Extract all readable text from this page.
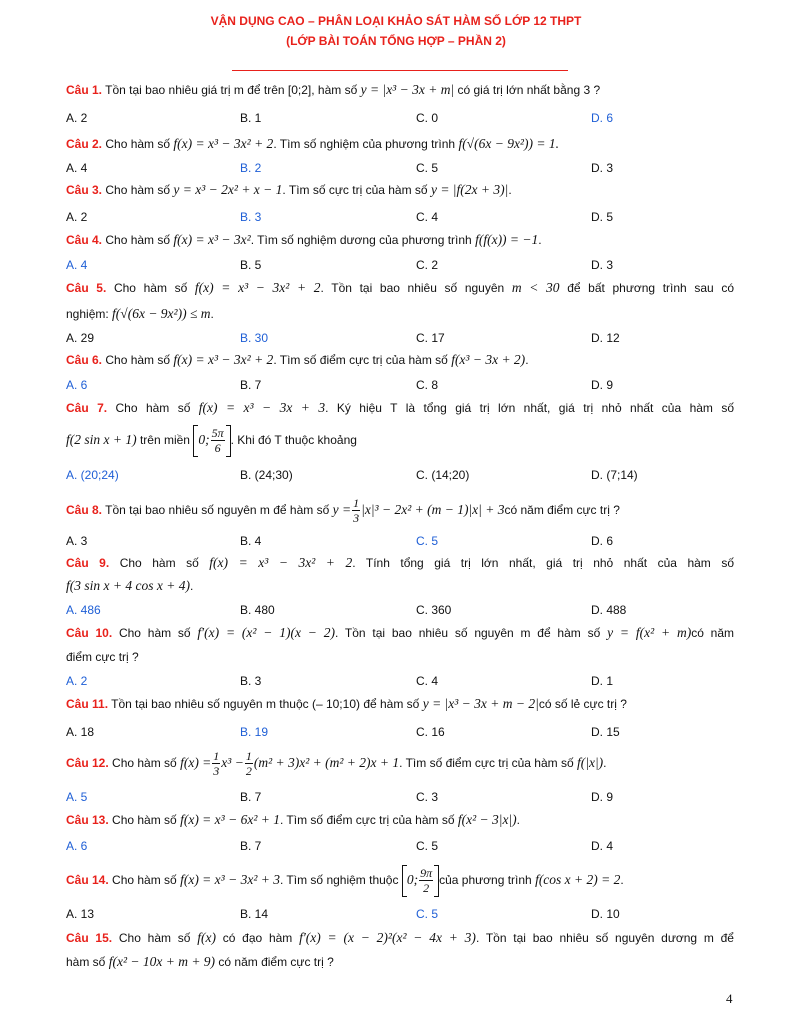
VẬN DỤNG CAO – PHÂN LOẠI KHẢO SÁT HÀM SỐ LỚP 12 THPT
(LỚP BÀI TOÁN TỔNG HỢP – PHẦN 2)
Câu 1. Tồn tại bao nhiêu giá trị m để trên [0;2], hàm số y = |x³ − 3x + m| có giá trị lớn nhất bằng 3 ?
A. 2	B. 1	C. 0	D. 6
Câu 2. Cho hàm số f(x) = x³ − 3x² + 2. Tìm số nghiệm của phương trình f(√(6x − 9x²)) = 1.
A. 4	B. 2	C. 5	D. 3
Câu 3. Cho hàm số y = x³ − 2x² + x − 1. Tìm số cực trị của hàm số y = |f(2x + 3)|.
A. 2	B. 3	C. 4	D. 5
Câu 4. Cho hàm số f(x) = x³ − 3x². Tìm số nghiệm dương của phương trình f(f(x)) = −1.
A. 4	B. 5	C. 2	D. 3
Câu 5. Cho hàm số f(x) = x³ − 3x² + 2. Tồn tại bao nhiêu số nguyên m < 30 để bất phương trình sau có
nghiệm: f(√(6x − 9x²)) ≤ m.
A. 29	B. 30	C. 17	D. 12
Câu 6. Cho hàm số f(x) = x³ − 3x² + 2. Tìm số điểm cực trị của hàm số f(x³ − 3x + 2).
A. 6	B. 7	C. 8	D. 9
Câu 7. Cho hàm số f(x) = x³ − 3x + 3. Ký hiệu T là tổng giá trị lớn nhất, giá trị nhỏ nhất của hàm số
f(2 sin x + 1) trên miền 0; $\frac{5\pi}{6}$ . Khi đó T thuộc khoảng
A. (20;24)	B. (24;30)	C. (14;20)	D. (7;14)
Câu 8. Tồn tại bao nhiêu số nguyên m để hàm số $y = \frac{1}{3} |x|^3 - 2x^2 + (m - 1)|x|$ + 3có năm điểm cực trị ?
A. 3	B. 4	C. 5	D. 6
Câu 9. Cho hàm số f(x) = x³ − 3x² + 2. Tính tổng giá trị lớn nhất, giá trị nhỏ nhất của hàm số
f(3 sin x + 4 cos x + 4).
A. 486	B. 480	C. 360	D. 488
Câu 10. Cho hàm số f′(x) = (x² − 1)(x − 2). Tồn tại bao nhiêu số nguyên m để hàm số y = f(x² + m)có năm
điểm cực trị ?
A. 2	B. 3	C. 4	D. 1
Câu 11. Tồn tại bao nhiêu số nguyên m thuộc (– 10;10) để hàm số y = |x³ − 3x + m − 2|có số lẻ cực trị ?
A. 18	B. 19	C. 16	D. 15
Câu 12. Cho hàm số $f(x) = \frac{1}{3} x^3 - \frac{1}{2} (m^2 + 3)x^2 + (m^2 + 2)x + 1$. Tìm số điểm cực trị của hàm số f(|x|).
A. 5	B. 7	C. 3	D. 9
Câu 13. Cho hàm số f(x) = x³ − 6x² + 1. Tìm số điểm cực trị của hàm số f(x² − 3|x|).
A. 6	B. 7	C. 5	D. 4
Câu 14. Cho hàm số f(x) = x³ − 3x² + 3. Tìm số nghiệm thuộc 0; $\frac{9\pi}{2}$ của phương trình f(cos x + 2) = 2.
A. 13	B. 14	C. 5	D. 10
Câu 15. Cho hàm số f(x) có đạo hàm f′(x) = (x − 2)²(x² − 4x + 3). Tồn tại bao nhiêu số nguyên dương m để
hàm số f(x² − 10x + m + 9) có năm điểm cực trị ?
4
